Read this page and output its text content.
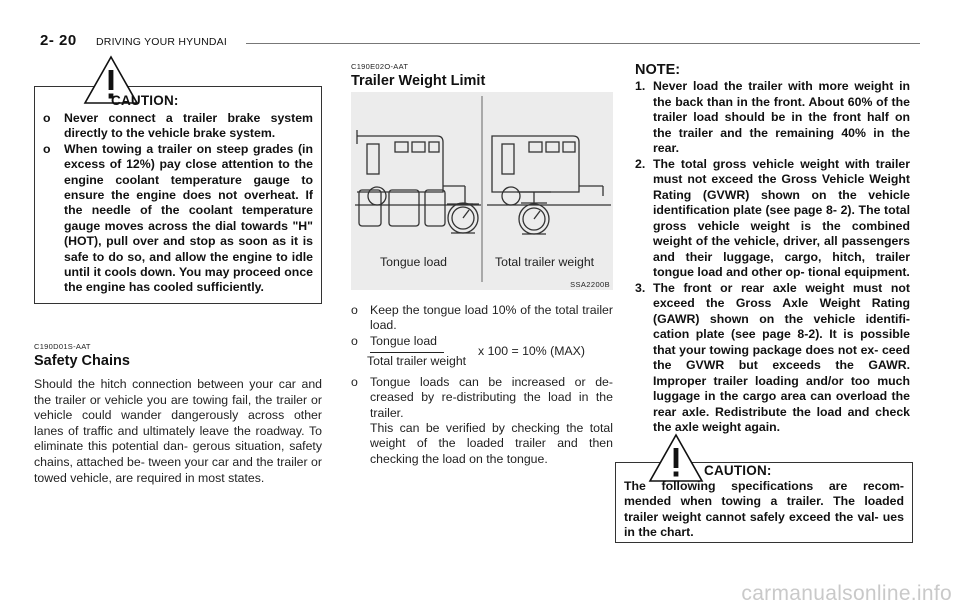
2- 20 DRIVING YOUR HYUNDAI
CAUTION:
o Never connect a trailer brake system directly to the vehicle brake system.
o When towing a trailer on steep grades (in excess of 12%) pay close attention to the engine coolant temperature gauge to ensure the engine does not overheat. If the needle of the coolant temperature gauge moves across the dial towards "H" (HOT), pull over and stop as soon as it is safe to do so, and allow the engine to idle until it cools down. You may proceed once the engine has cooled sufficiently.
C190D01S-AAT
Safety Chains
Should the hitch connection between your car and the trailer or vehicle you are towing fail, the trailer or vehicle could wander dangerously across other lanes of traffic and ultimately leave the roadway. To eliminate this potential dan- gerous situation, safety chains, attached be- tween your car and the trailer or towed vehicle, are required in most states.
C190E02O-AAT
Trailer Weight Limit
Tongue load	Total trailer weight
SSA2200B
o Keep the tongue load 10% of the total trailer load.
o Tongue load
Total trailer weight
x 100 = 10% (MAX)
o Tongue loads can be increased or de- creased by re-distributing the load in the trailer.
This can be verified by checking the total weight of the loaded trailer and then checking the load on the tongue.
NOTE:
1. Never load the trailer with more weight in the back than in the front. About 60% of the trailer load should be in the front half on the trailer and the remaining 40% in the rear.
2. The total gross vehicle weight with trailer must not exceed the Gross Vehicle Weight Rating (GVWR) shown on the vehicle identification plate (see page 8- 2). The total gross vehicle weight is the combined weight of the vehicle, driver, all passengers and their luggage, cargo, hitch, trailer tongue load and other op- tional equipment.
3. The front or rear axle weight must not exceed the Gross Axle Weight Rating (GAWR) shown on the vehicle identifi- cation plate (see page 8-2). It is possible that your towing package does not ex- ceed the GVWR but exceeds the GAWR. Improper trailer loading and/or too much luggage in the cargo area can overload the rear axle. Redistribute the load and check the axle weight again.
CAUTION:
The following specifications are recom- mended when towing a trailer. The loaded trailer weight cannot safely exceed the val- ues in the chart.
carmanualsonline.info
